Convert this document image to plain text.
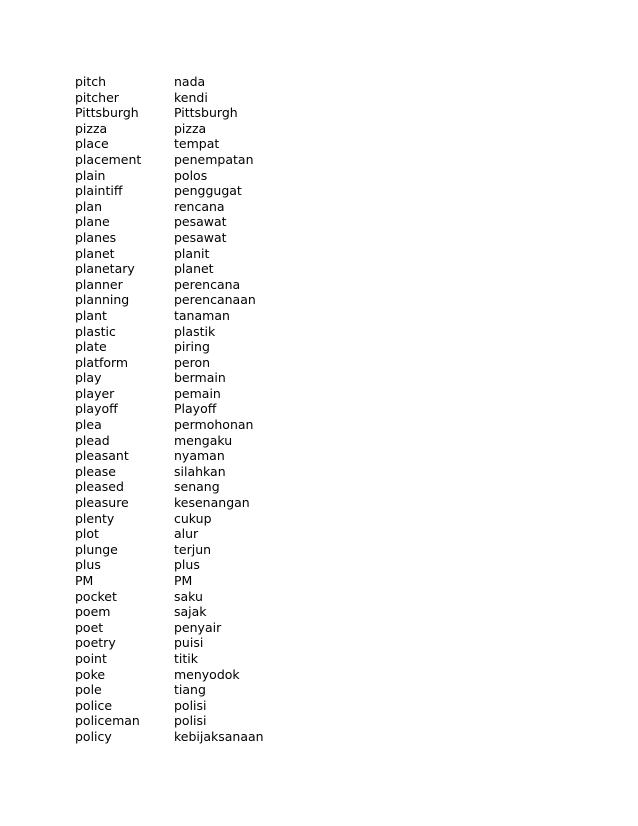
pitch	nada
pitcher	kendi
Pittsburgh	Pittsburgh
pizza	pizza
place	tempat
placement	penempatan
plain	polos
plaintiff	penggugat
plan	rencana
plane	pesawat
planes	pesawat
planet	planit
planetary	planet
planner	perencana
planning	perencanaan
plant	tanaman
plastic	plastik
plate	piring
platform	peron
play	bermain
player	pemain
playoff	Playoff
plea	permohonan
plead	mengaku
pleasant	nyaman
please	silahkan
pleased	senang
pleasure	kesenangan
plenty	cukup
plot	alur
plunge	terjun
plus	plus
PM	PM
pocket	saku
poem	sajak
poet	penyair
poetry	puisi
point	titik
poke	menyodok
pole	tiang
police	polisi
policeman	polisi
policy	kebijaksanaan
